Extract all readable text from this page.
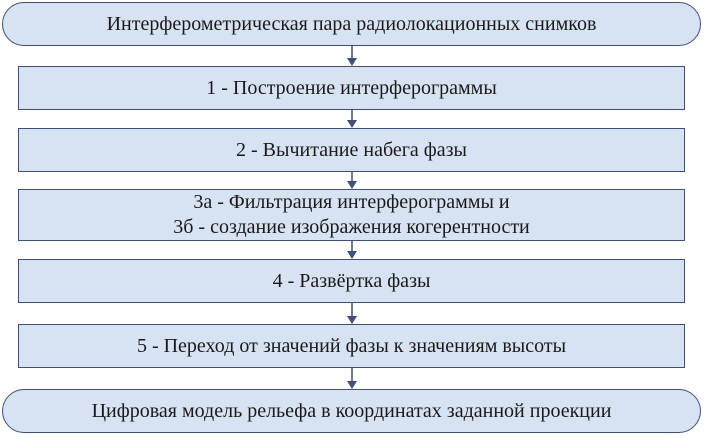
Интерферометрическая пара радиолокационных снимков
1 - Построение интерферограммы
2 - Вычитание набега фазы
3а - Фильтрация интерферограммы и
3б - создание изображения когерентности
4 - Развёртка фазы
5 - Переход от значений фазы к значениям высоты
Цифровая модель рельефа в координатах заданной проекции
